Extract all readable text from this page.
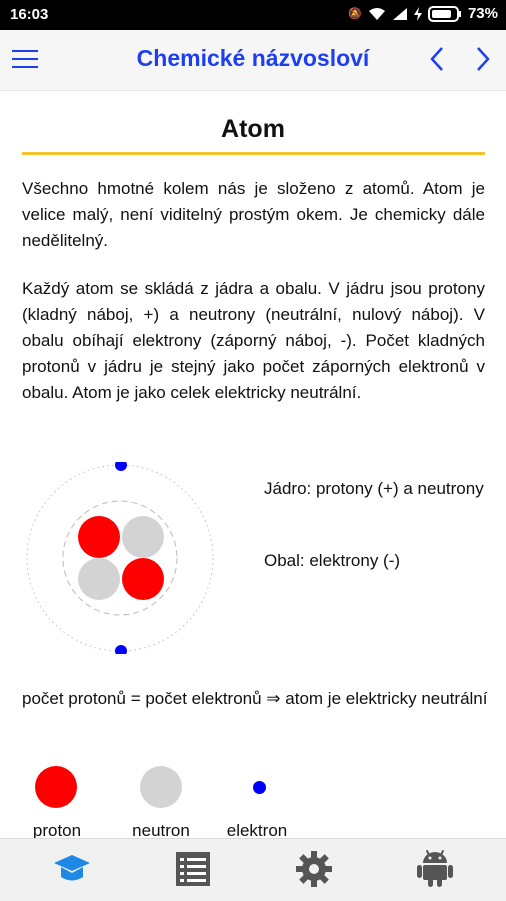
16:03	🔕	73%
Chemické názvosloví
Atom

Všechno hmotné kolem nás je složeno z atomů. Atom je velice malý, není viditelný prostým okem. Je chemicky dále nedělitelný.

Každý atom se skládá z jádra a obalu. V jádru jsou protony (kladný náboj, +) a neutrony (neutrální, nulový náboj). V obalu obíhají elektrony (záporný náboj, -). Počet kladných protonů v jádru je stejný jako počet záporných elektronů v obalu. Atom je jako celek elektricky neutrální.

Jádro: protony (+) a neutrony

Obal: elektrony (-)

počet protonů = počet elektronů ⇒ atom je elektricky neutrální

proton	neutron	elektron
